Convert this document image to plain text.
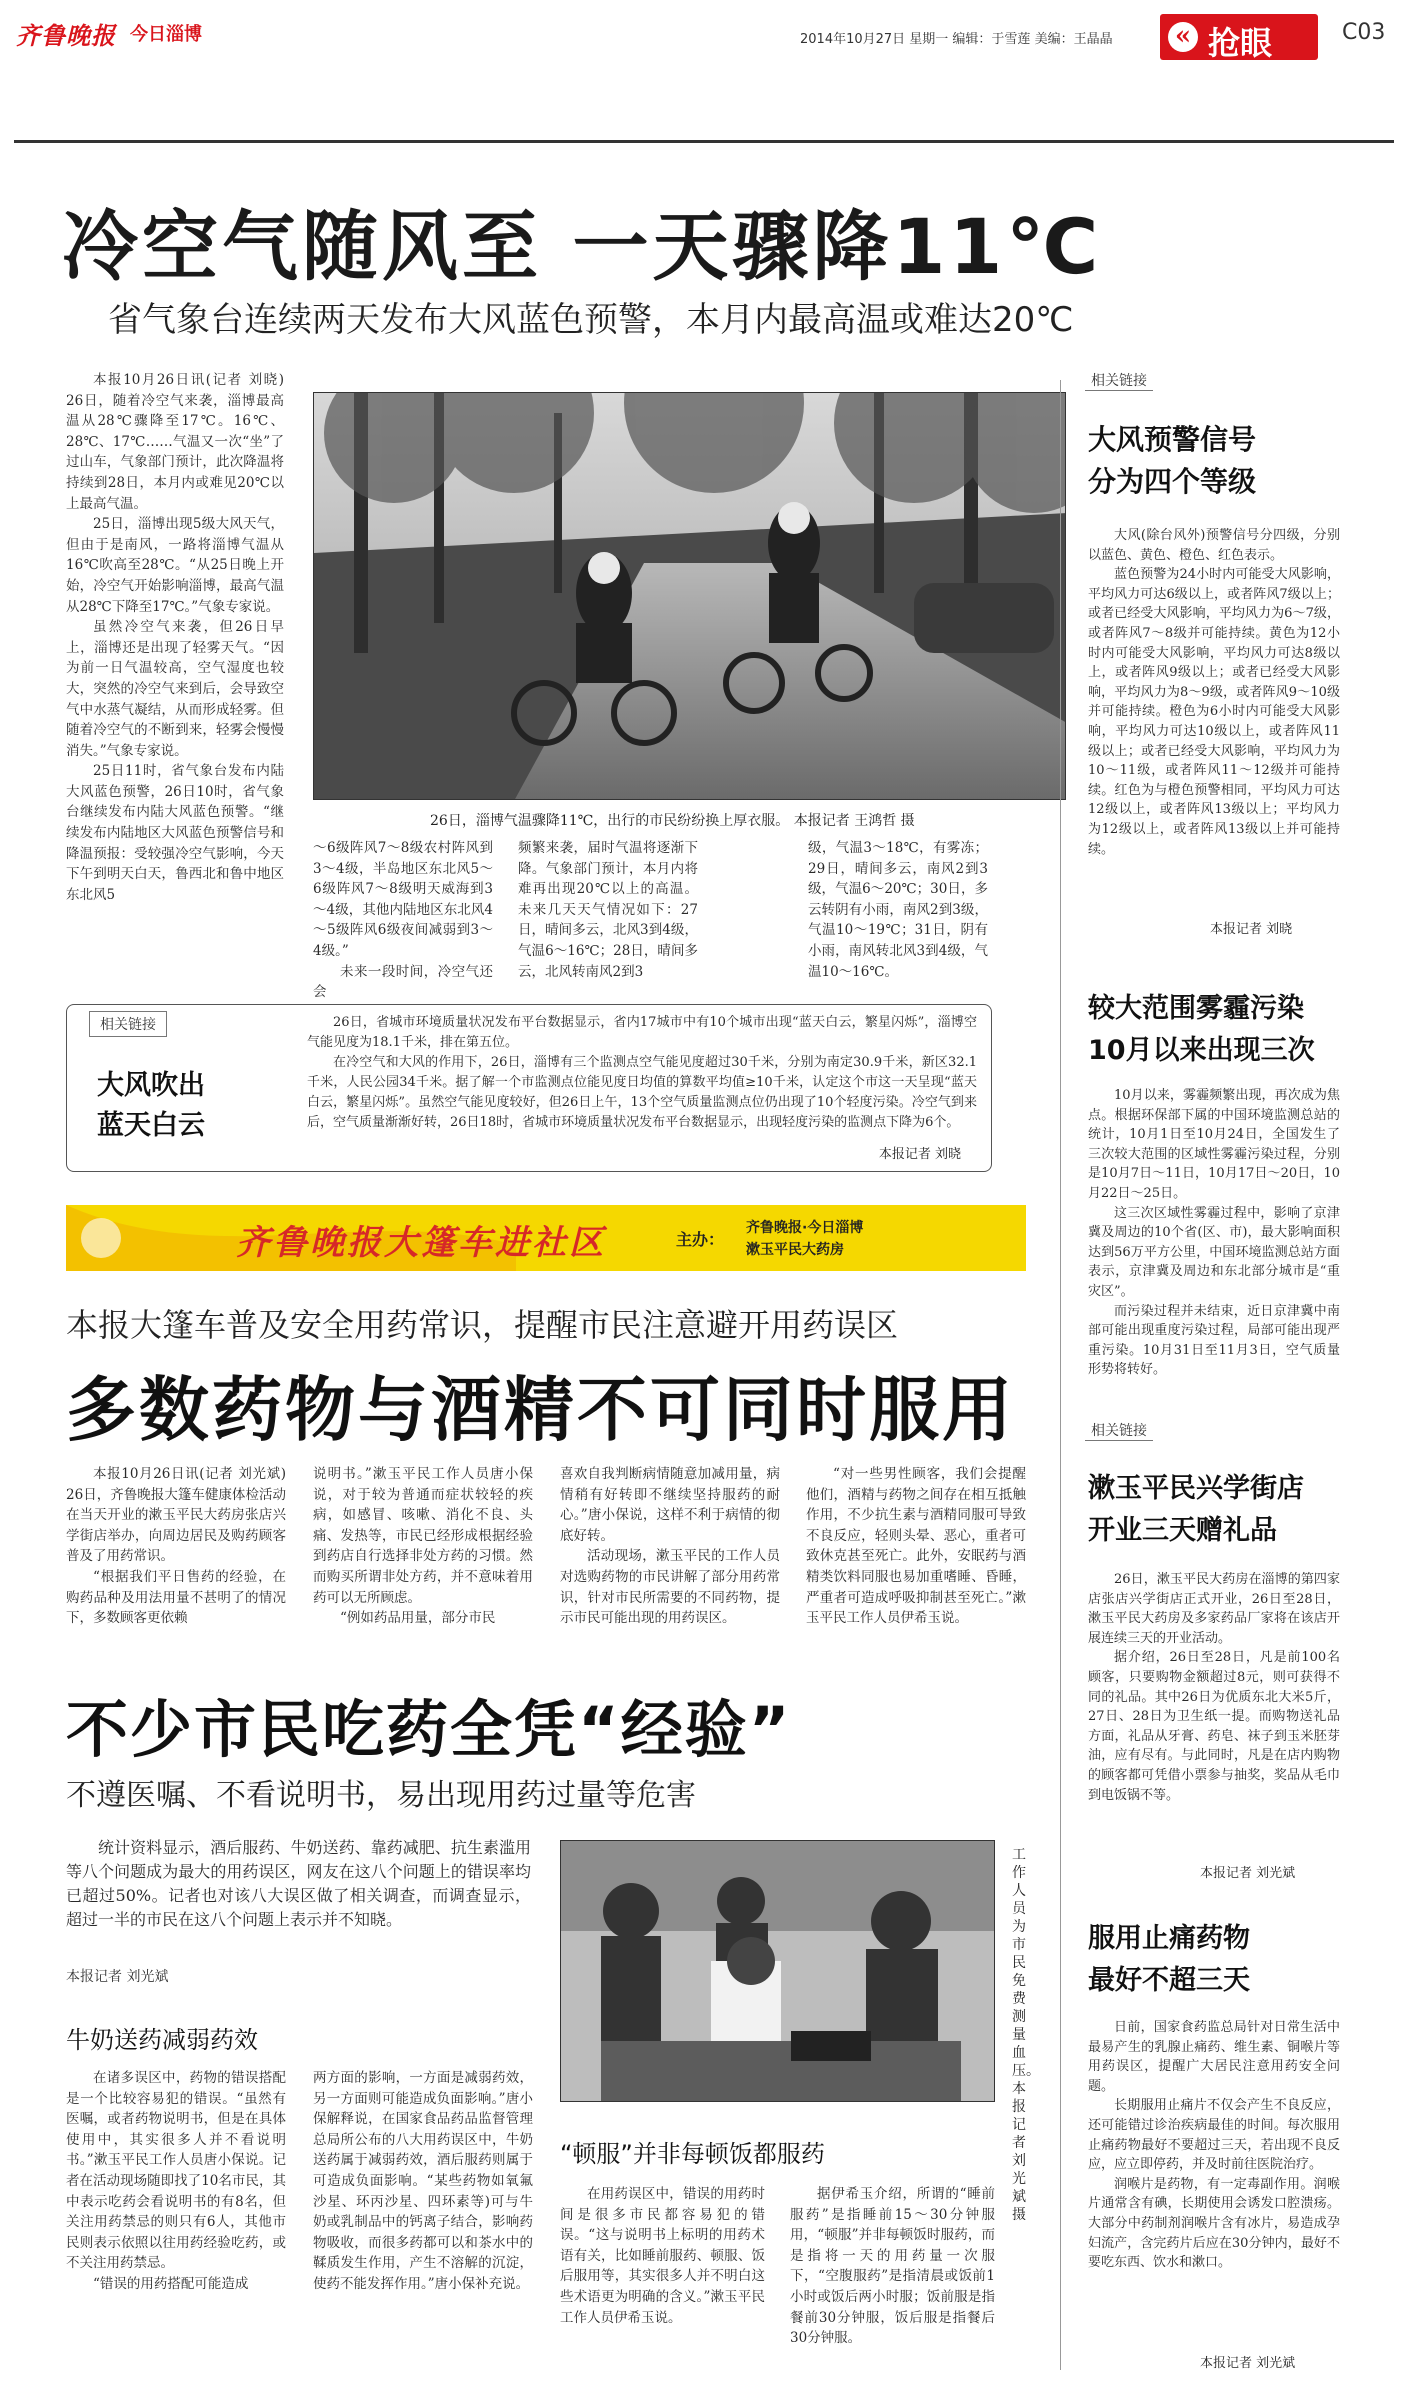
齐鲁晚报 今日淄博	2014年10月27日 星期一 编辑：于雪莲 美编：王晶晶 « 抢眼	C03
冷空气随风至 一天骤降11℃
省气象台连续两天发布大风蓝色预警，本月内最高温或难达20℃

本报10月26日讯(记者 刘晓) 26日，随着冷空气来袭，淄博最高温从28℃骤降至17℃。16℃、28℃、17℃……气温又一次“坐”了过山车，气象部门预计，此次降温将持续到28日，本月内或难见20℃以上最高气温。

25日，淄博出现5级大风天气，但由于是南风，一路将淄博气温从16℃吹高至28℃。“从25日晚上开始，冷空气开始影响淄博，最高气温从28℃下降至17℃。”气象专家说。

虽然冷空气来袭，但26日早上，淄博还是出现了轻雾天气。“因为前一日气温较高，空气湿度也较大，突然的冷空气来到后，会导致空气中水蒸气凝结，从而形成轻雾。但随着冷空气的不断到来，轻雾会慢慢消失。”气象专家说。

25日11时，省气象台发布内陆大风蓝色预警，26日10时，省气象台继续发布内陆大风蓝色预警。“继续发布内陆地区大风蓝色预警信号和降温预报：受较强冷空气影响，今天下午到明天白天，鲁西北和鲁中地区东北风5

26日，淄博气温骤降11℃，出行的市民纷纷换上厚衣服。 本报记者 王鸿哲 摄

～6级阵风7～8级农村阵风到3～4级，半岛地区东北风5～6级阵风7～8级明天威海到3～4级，其他内陆地区东北风4～5级阵风6级夜间减弱到3～4级。”

未来一段时间，冷空气还会

频繁来袭，届时气温将逐渐下降。气象部门预计，本月内将难再出现20℃以上的高温。未来几天天气情况如下：27日，晴间多云，北风3到4级，气温6～16℃；28日，晴间多云，北风转南风2到3

级，气温3～18℃，有雾冻；29日，晴间多云，南风2到3级，气温6～20℃；30日，多云转阴有小雨，南风2到3级，气温10～19℃；31日，阴有小雨，南风转北风3到4级，气温10～16℃。

相关链接
大风吹出
蓝天白云

26日，省城市环境质量状况发布平台数据显示，省内17城市中有10个城市出现“蓝天白云，繁星闪烁”，淄博空气能见度为18.1千米，排在第五位。

在冷空气和大风的作用下，26日，淄博有三个监测点空气能见度超过30千米，分别为南定30.9千米，新区32.1千米，人民公园34千米。据了解一个市监测点位能见度日均值的算数平均值≥10千米，认定这个市这一天呈现“蓝天白云，繁星闪烁”。虽然空气能见度较好，但26日上午，13个空气质量监测点位仍出现了10个轻度污染。冷空气到来后，空气质量渐渐好转，26日18时，省城市环境质量状况发布平台数据显示，出现轻度污染的监测点下降为6个。

本报记者 刘晓
齐鲁晚报大篷车进社区	主办：
齐鲁晚报·今日淄博
漱玉平民大药房
本报大篷车普及安全用药常识，提醒市民注意避开用药误区
多数药物与酒精不可同时服用

本报10月26日讯(记者 刘光斌) 26日，齐鲁晚报大篷车健康体检活动在当天开业的漱玉平民大药房张店兴学街店举办，向周边居民及购药顾客普及了用药常识。

“根据我们平日售药的经验，在购药品种及用法用量不甚明了的情况下，多数顾客更依赖

说明书。”漱玉平民工作人员唐小保说，对于较为普通而症状较轻的疾病，如感冒、咳嗽、消化不良、头痛、发热等，市民已经形成根据经验到药店自行选择非处方药的习惯。然而购买所谓非处方药，并不意味着用药可以无所顾虑。

“例如药品用量，部分市民

喜欢自我判断病情随意加减用量，病情稍有好转即不继续坚持服药的耐心。”唐小保说，这样不利于病情的彻底好转。

活动现场，漱玉平民的工作人员对选购药物的市民讲解了部分用药常识，针对市民所需要的不同药物，提示市民可能出现的用药误区。

“对一些男性顾客，我们会提醒他们，酒精与药物之间存在相互抵触作用，不少抗生素与酒精同服可导致不良反应，轻则头晕、恶心，重者可致休克甚至死亡。此外，安眠药与酒精类饮料同服也易加重嗜睡、昏睡，严重者可造成呼吸抑制甚至死亡。”漱玉平民工作人员伊希玉说。

不少市民吃药全凭“经验”
不遵医嘱、不看说明书，易出现用药过量等危害
统计资料显示，酒后服药、牛奶送药、靠药减肥、抗生素滥用等八个问题成为最大的用药误区，网友在这八个问题上的错误率均已超过50%。记者也对该八大误区做了相关调查，而调查显示，超过一半的市民在这八个问题上表示并不知晓。
本报记者 刘光斌
工作人员为市民免费测量血压。 本报记者 刘光斌 摄
牛奶送药减弱药效

在诸多误区中，药物的错误搭配是一个比较容易犯的错误。“虽然有医嘱，或者药物说明书，但是在具体使用中，其实很多人并不看说明书。”漱玉平民工作人员唐小保说。记者在活动现场随即找了10名市民，其中表示吃药会看说明书的有8名，但关注用药禁忌的则只有6人，其他市民则表示依照以往用药经验吃药，或不关注用药禁忌。

“错误的用药搭配可能造成

两方面的影响，一方面是减弱药效，另一方面则可能造成负面影响。”唐小保解释说，在国家食品药品监督管理总局所公布的八大用药误区中，牛奶送药属于减弱药效，酒后服药则属于可造成负面影响。“某些药物如氧氟沙星、环丙沙星、四环素等)可与牛奶或乳制品中的钙离子结合，影响药物吸收，而很多药都可以和茶水中的鞣质发生作用，产生不溶解的沉淀，使药不能发挥作用。”唐小保补充说。

“顿服”并非每顿饭都服药

在用药误区中，错误的用药时间是很多市民都容易犯的错误。“这与说明书上标明的用药术语有关，比如睡前服药、顿服、饭后服用等，其实很多人并不明白这些术语更为明确的含义。”漱玉平民工作人员伊希玉说。

据伊希玉介绍，所谓的“睡前服药”是指睡前15～30分钟服用，“顿服”并非每顿饭时服药，而是指将一天的用药量一次服下，“空腹服药”是指清晨或饭前1小时或饭后两小时服；饭前服是指餐前30分钟服，饭后服是指餐后30分钟服。

相关链接
大风预警信号
分为四个等级

大风(除台风外)预警信号分四级，分别以蓝色、黄色、橙色、红色表示。

蓝色预警为24小时内可能受大风影响，平均风力可达6级以上，或者阵风7级以上；或者已经受大风影响，平均风力为6～7级，或者阵风7～8级并可能持续。黄色为12小时内可能受大风影响，平均风力可达8级以上，或者阵风9级以上；或者已经受大风影响，平均风力为8～9级，或者阵风9～10级并可能持续。橙色为6小时内可能受大风影响，平均风力可达10级以上，或者阵风11级以上；或者已经受大风影响，平均风力为10～11级，或者阵风11～12级并可能持续。红色为与橙色预警相同，平均风力可达12级以上，或者阵风13级以上；平均风力为12级以上，或者阵风13级以上并可能持续。

本报记者 刘晓
较大范围雾霾污染
10月以来出现三次

10月以来，雾霾频繁出现，再次成为焦点。根据环保部下属的中国环境监测总站的统计，10月1日至10月24日，全国发生了三次较大范围的区域性雾霾污染过程，分别是10月7日～11日，10月17日～20日，10月22日～25日。

这三次区域性雾霾过程中，影响了京津冀及周边的10个省(区、市)，最大影响面积达到56万平方公里，中国环境监测总站方面表示，京津冀及周边和东北部分城市是“重灾区”。

而污染过程并未结束，近日京津冀中南部可能出现重度污染过程，局部可能出现严重污染。10月31日至11月3日，空气质量形势将转好。

相关链接
漱玉平民兴学街店
开业三天赠礼品

26日，漱玉平民大药房在淄博的第四家店张店兴学街店正式开业，26日至28日，漱玉平民大药房及多家药品厂家将在该店开展连续三天的开业活动。

据介绍，26日至28日，凡是前100名顾客，只要购物金额超过8元，则可获得不同的礼品。其中26日为优质东北大米5斤，27日、28日为卫生纸一提。而购物送礼品方面，礼品从牙膏、药皂、袜子到玉米胚芽油，应有尽有。与此同时，凡是在店内购物的顾客都可凭借小票参与抽奖，奖品从毛巾到电饭锅不等。

本报记者 刘光斌
服用止痛药物
最好不超三天

日前，国家食药监总局针对日常生活中最易产生的乳腺止痛药、维生素、铜喉片等用药误区，提醒广大居民注意用药安全问题。

长期服用止痛片不仅会产生不良反应，还可能错过诊治疾病最佳的时间。每次服用止痛药物最好不要超过三天，若出现不良反应，应立即停药，并及时前往医院治疗。

润喉片是药物，有一定毒副作用。润喉片通常含有碘，长期使用会诱发口腔溃疡。大部分中药制剂润喉片含有冰片，易造成孕妇流产，含完药片后应在30分钟内，最好不要吃东西、饮水和漱口。

本报记者 刘光斌
